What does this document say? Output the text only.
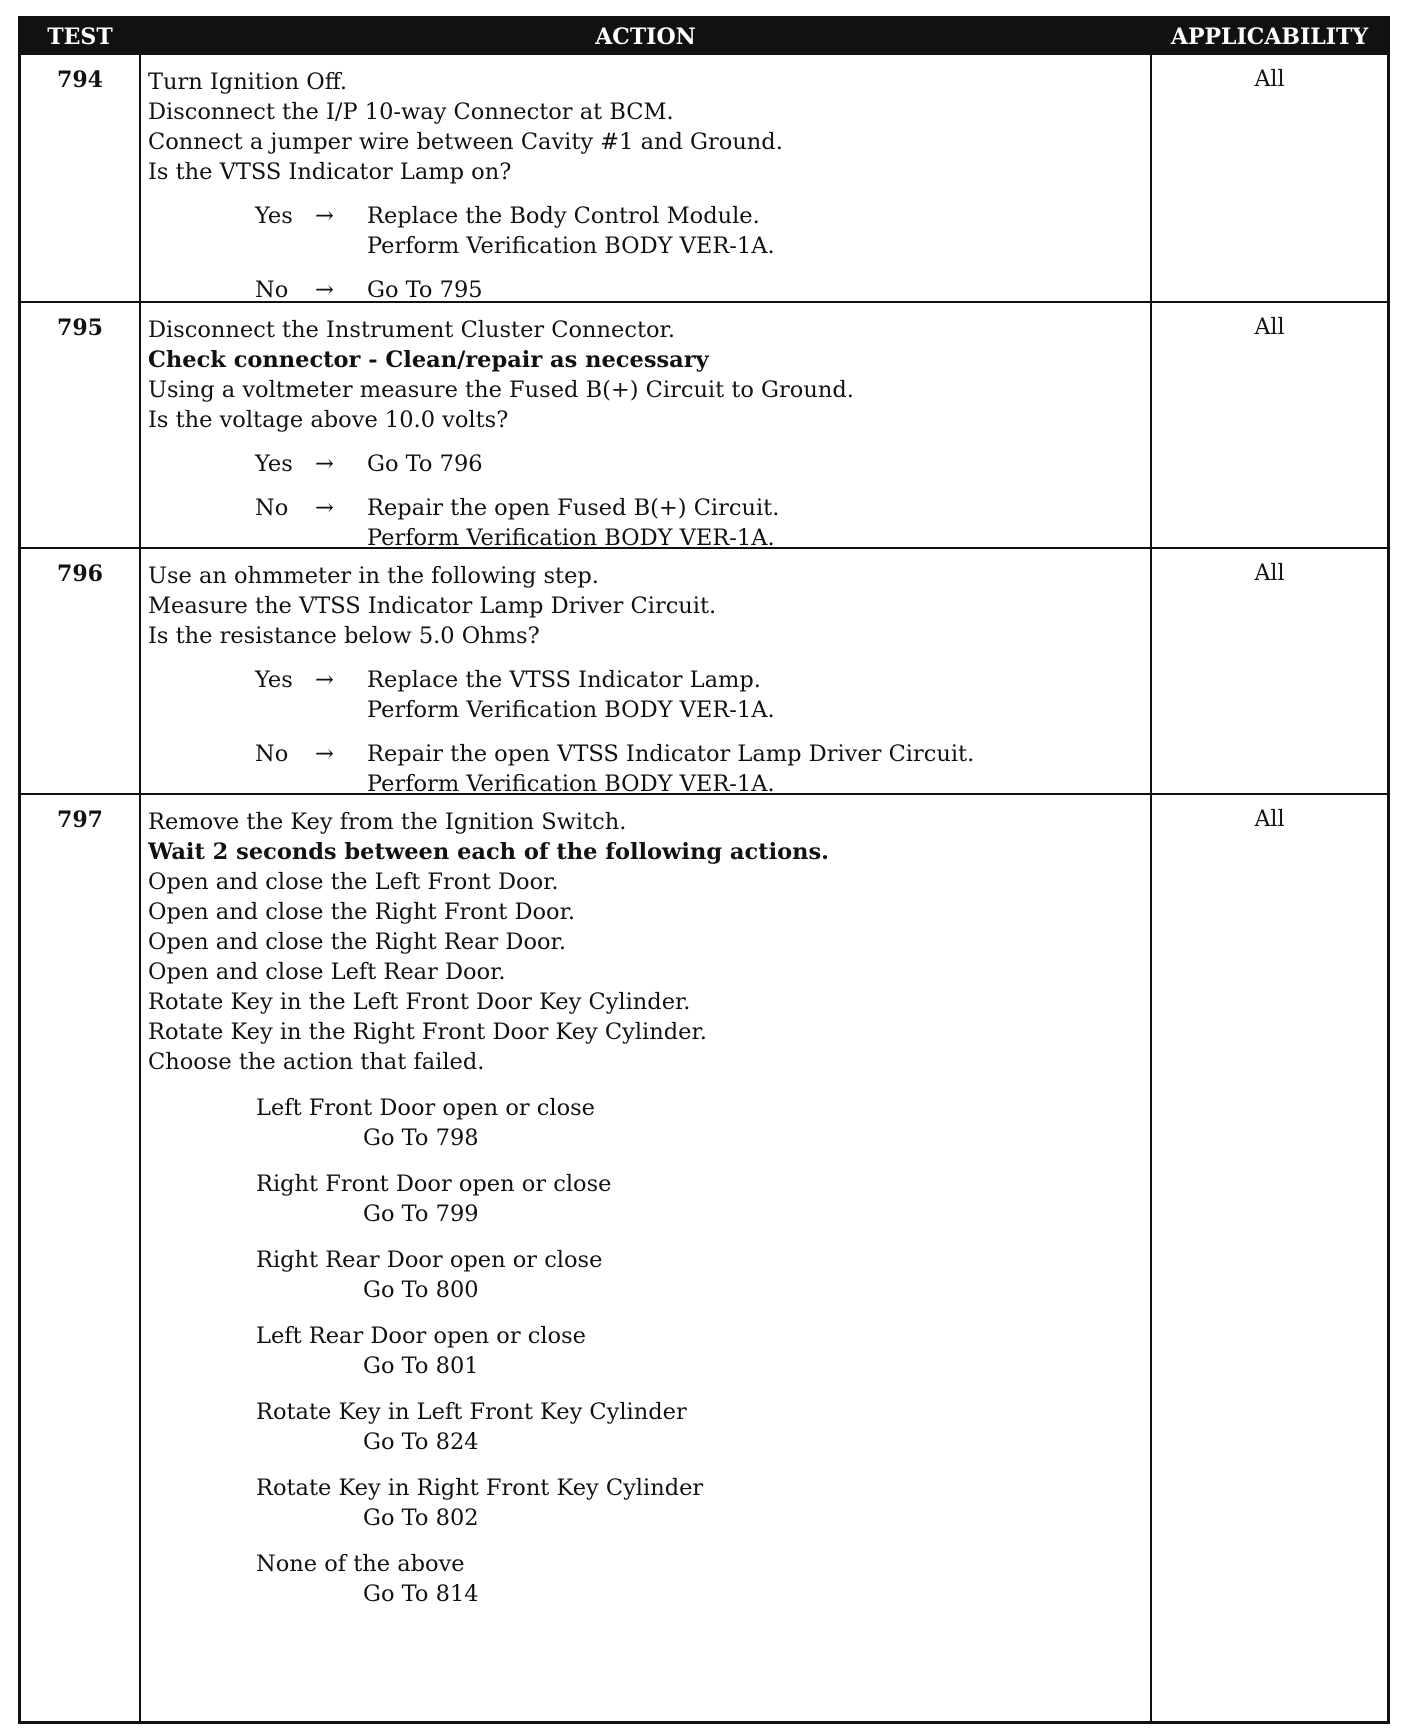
TEST	ACTION	APPLICABILITY
794	Turn Ignition Off.
Disconnect the I/P 10-way Connector at BCM.
Connect a jumper wire between Cavity #1 and Ground.
Is the VTSS Indicator Lamp on?
Yes →	Replace the Body Control Module.
Perform Verification BODY VER-1A.
No	→	Go To 795
All
795	Disconnect the Instrument Cluster Connector.
Check connector - Clean/repair as necessary
Using a voltmeter measure the Fused B(+) Circuit to Ground.
Is the voltage above 10.0 volts?
Yes →	Go To 796
No	→	Repair the open Fused B(+) Circuit.
Perform Verification BODY VER-1A.
All
796	Use an ohmmeter in the following step.
Measure the VTSS Indicator Lamp Driver Circuit.
Is the resistance below 5.0 Ohms?
Yes →	Replace the VTSS Indicator Lamp.
Perform Verification BODY VER-1A.
No	→	Repair the open VTSS Indicator Lamp Driver Circuit.
Perform Verification BODY VER-1A.
All
797	Remove the Key from the Ignition Switch.
Wait 2 seconds between each of the following actions.
Open and close the Left Front Door.
Open and close the Right Front Door.
Open and close the Right Rear Door.
Open and close Left Rear Door.
Rotate Key in the Left Front Door Key Cylinder.
Rotate Key in the Right Front Door Key Cylinder.
Choose the action that failed.
Left Front Door open or close
Go To 798
Right Front Door open or close
Go To 799
Right Rear Door open or close
Go To 800
Left Rear Door open or close
Go To 801
Rotate Key in Left Front Key Cylinder
Go To 824
Rotate Key in Right Front Key Cylinder
Go To 802
None of the above
Go To 814
All
